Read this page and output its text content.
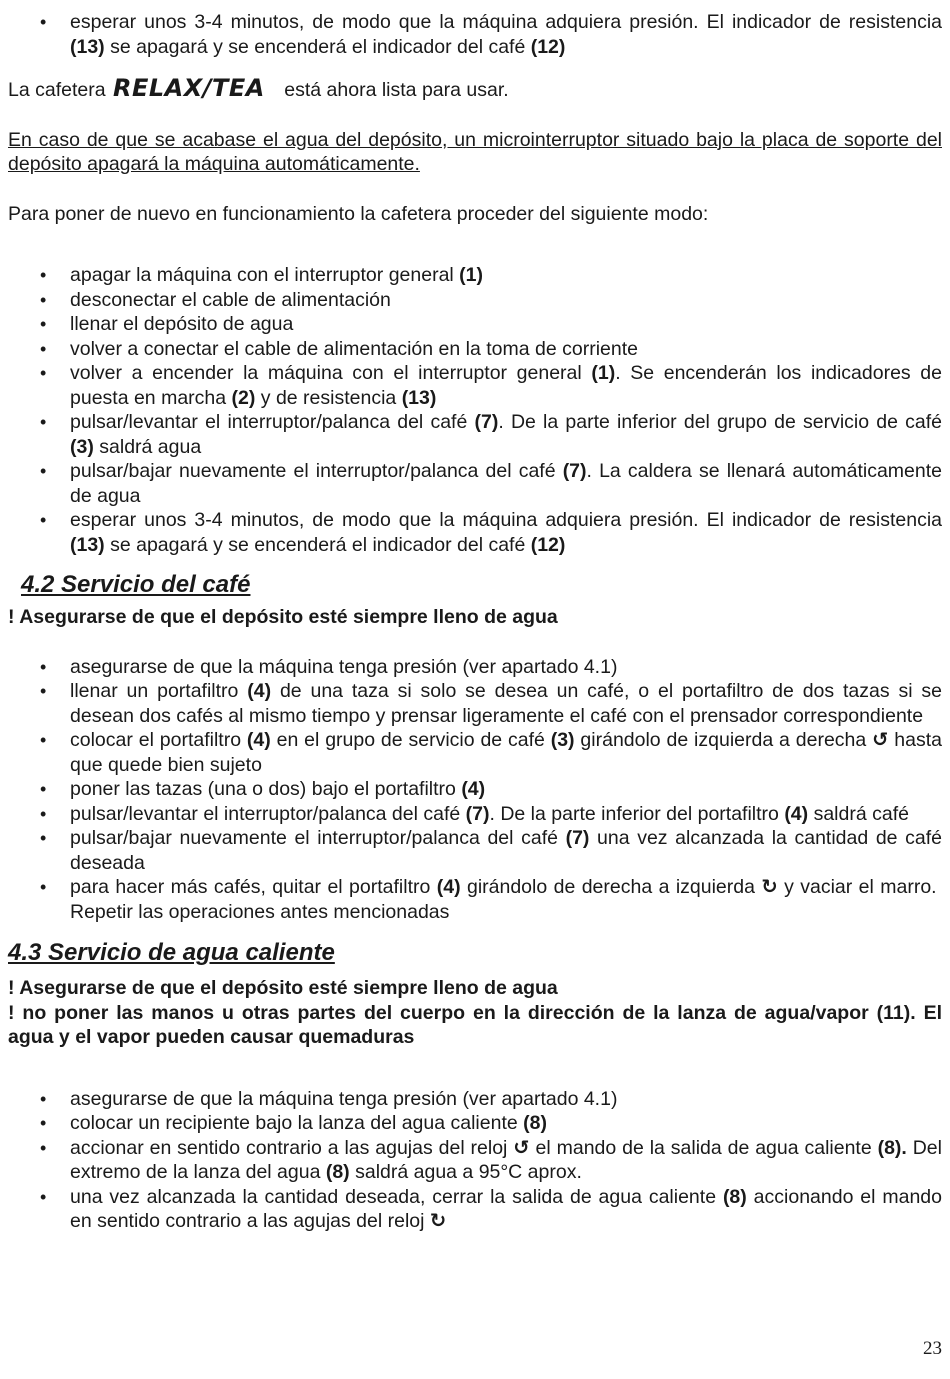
• esperar unos 3-4 minutos, de modo que la máquina adquiera presión. El indicador de resistencia (13) se apagará y se encenderá el indicador del café (12)

La cafetera RELAX/TEA está ahora lista para usar.

En caso de que se acabase el agua del depósito, un microinterruptor situado bajo la placa de soporte del depósito apagará la máquina automáticamente.

Para poner de nuevo en funcionamiento la cafetera proceder del siguiente modo:

• apagar la máquina con el interruptor general (1)
• desconectar el cable de alimentación
• llenar el depósito de agua
• volver a conectar el cable de alimentación en la toma de corriente
• volver a encender la máquina con el interruptor general (1). Se encenderán los indicadores de puesta en marcha (2) y de resistencia (13)
• pulsar/levantar el interruptor/palanca del café (7). De la parte inferior del grupo de servicio de café (3) saldrá agua
• pulsar/bajar nuevamente el interruptor/palanca del café (7). La caldera se llenará automáticamente de agua
• esperar unos 3-4 minutos, de modo que la máquina adquiera presión. El indicador de resistencia (13) se apagará y se encenderá el indicador del café (12)
4.2 Servicio del café

! Asegurarse de que el depósito esté siempre lleno de agua

• asegurarse de que la máquina tenga presión (ver apartado 4.1)
• llenar un portafiltro (4) de una taza si solo se desea un café, o el portafiltro de dos tazas si se desean dos cafés al mismo tiempo y prensar ligeramente el café con el prensador correspondiente
• colocar el portafiltro (4) en el grupo de servicio de café (3) girándolo de izquierda a derecha ↺ hasta que quede bien sujeto
• poner las tazas (una o dos) bajo el portafiltro (4)
• pulsar/levantar el interruptor/palanca del café (7). De la parte inferior del portafiltro (4) saldrá café
• pulsar/bajar nuevamente el interruptor/palanca del café (7) una vez alcanzada la cantidad de café deseada
• para hacer más cafés, quitar el portafiltro (4) girándolo de derecha a izquierda ↻ y vaciar el marro.  Repetir las operaciones antes mencionadas
4.3 Servicio de agua caliente

! Asegurarse de que el depósito esté siempre lleno de agua

! no poner las manos u otras partes del cuerpo en la dirección de la lanza de agua/vapor (11). El agua y el vapor pueden causar quemaduras

• asegurarse de que la máquina tenga presión (ver apartado 4.1)
• colocar un recipiente bajo la lanza del agua caliente (8)
• accionar en sentido contrario a las agujas del reloj ↺ el mando de la salida de agua caliente (8). Del extremo de la lanza del agua (8) saldrá agua a 95°C aprox.
• una vez alcanzada la cantidad deseada, cerrar la salida de agua caliente (8) accionando el mando en sentido contrario a las agujas del reloj ↻
23
